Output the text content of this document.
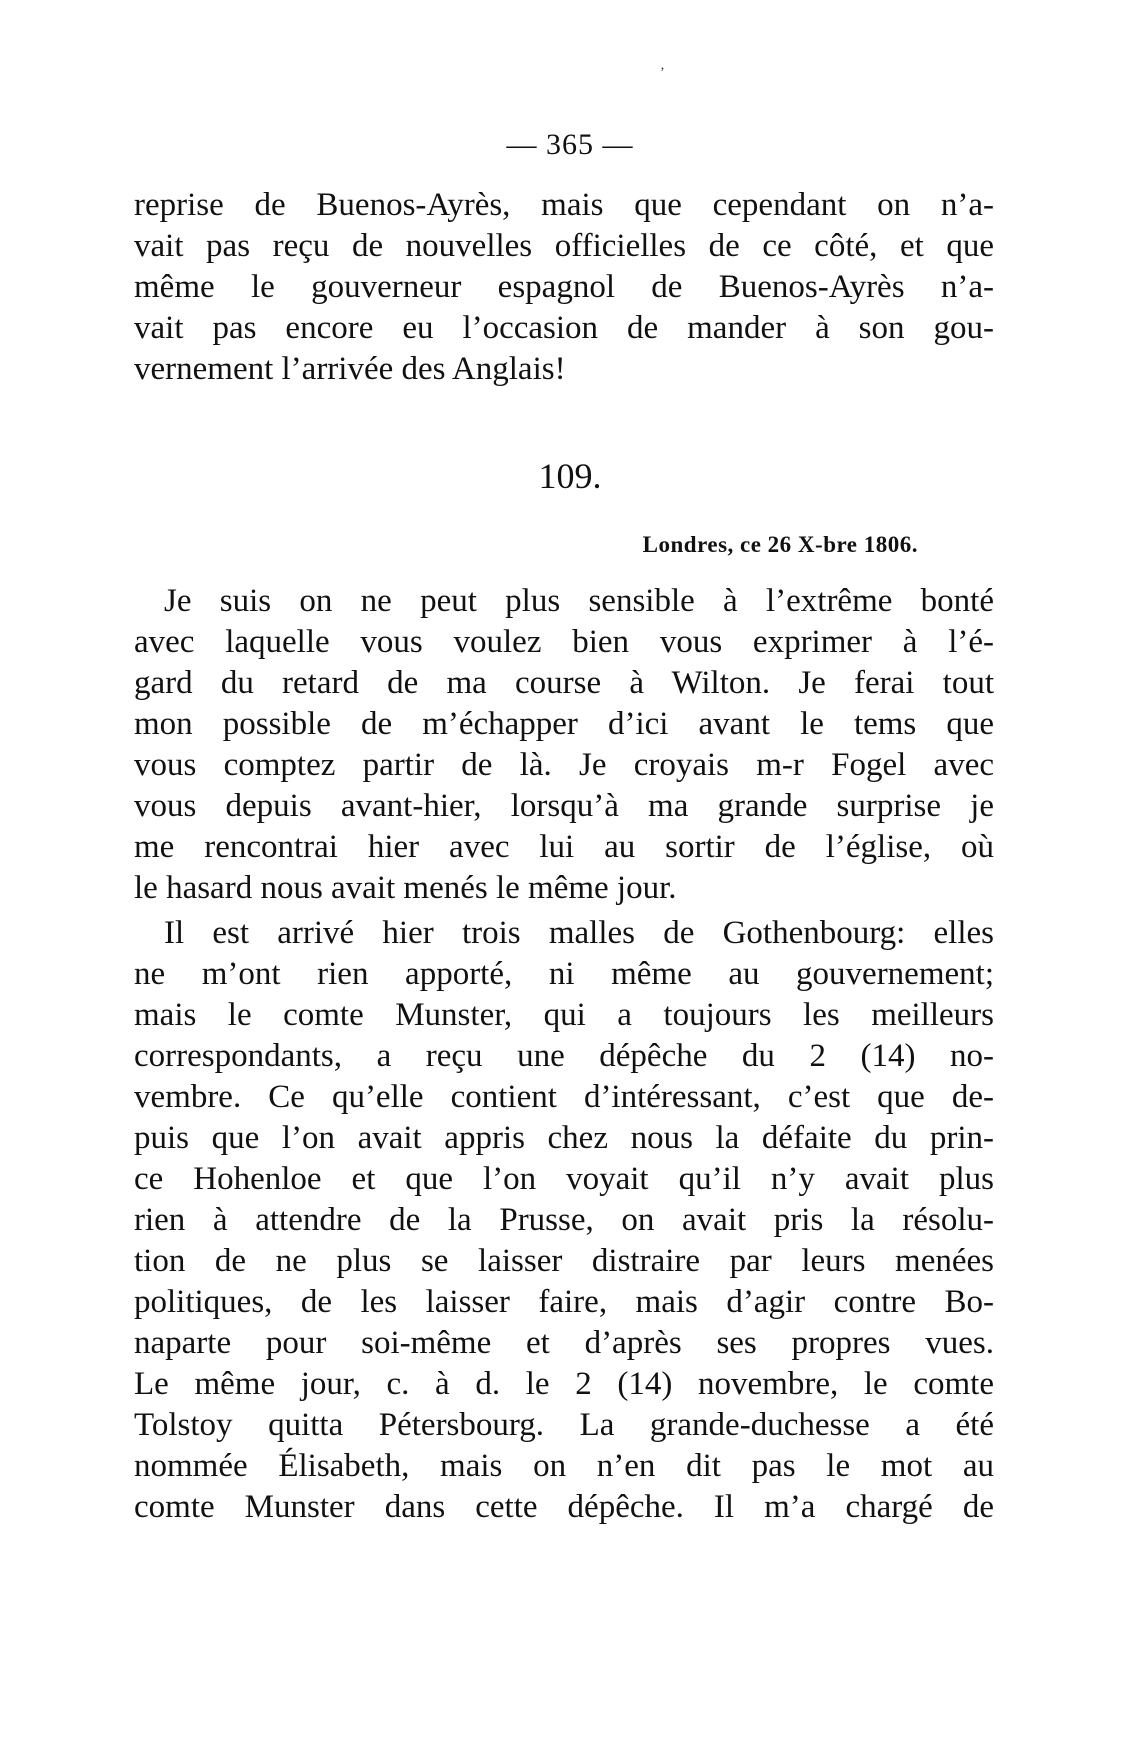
‚
— 365 —
reprise de Buenos-Ayrès, mais que cependant on n’a-
vait pas reçu de nouvelles officielles de ce côté, et que
même le gouverneur espagnol de Buenos-Ayrès n’a-
vait pas encore eu l’occasion de mander à son gou-
vernement l’arrivée des Anglais!
109.
Londres, ce 26 X-bre 1806.
Je suis on ne peut plus sensible à l’extrême bonté
avec laquelle vous voulez bien vous exprimer à l’é-
gard du retard de ma course à Wilton. Je ferai tout
mon possible de m’échapper d’ici avant le tems que
vous comptez partir de là. Je croyais m-r Fogel avec
vous depuis avant-hier, lorsqu’à ma grande surprise je
me rencontrai hier avec lui au sortir de l’église, où
le hasard nous avait menés le même jour.
Il est arrivé hier trois malles de Gothenbourg: elles
ne m’ont rien apporté, ni même au gouvernement;
mais le comte Munster, qui a toujours les meilleurs
correspondants, a reçu une dépêche du 2 (14) no-
vembre. Ce qu’elle contient d’intéressant, c’est que de-
puis que l’on avait appris chez nous la défaite du prin-
ce Hohenloe et que l’on voyait qu’il n’y avait plus
rien à attendre de la Prusse, on avait pris la résolu-
tion de ne plus se laisser distraire par leurs menées
politiques, de les laisser faire, mais d’agir contre Bo-
naparte pour soi-même et d’après ses propres vues.
Le même jour, c. à d. le 2 (14) novembre, le comte
Tolstoy quitta Pétersbourg. La grande-duchesse a été
nommée Élisabeth, mais on n’en dit pas le mot au
comte Munster dans cette dépêche. Il m’a chargé de
